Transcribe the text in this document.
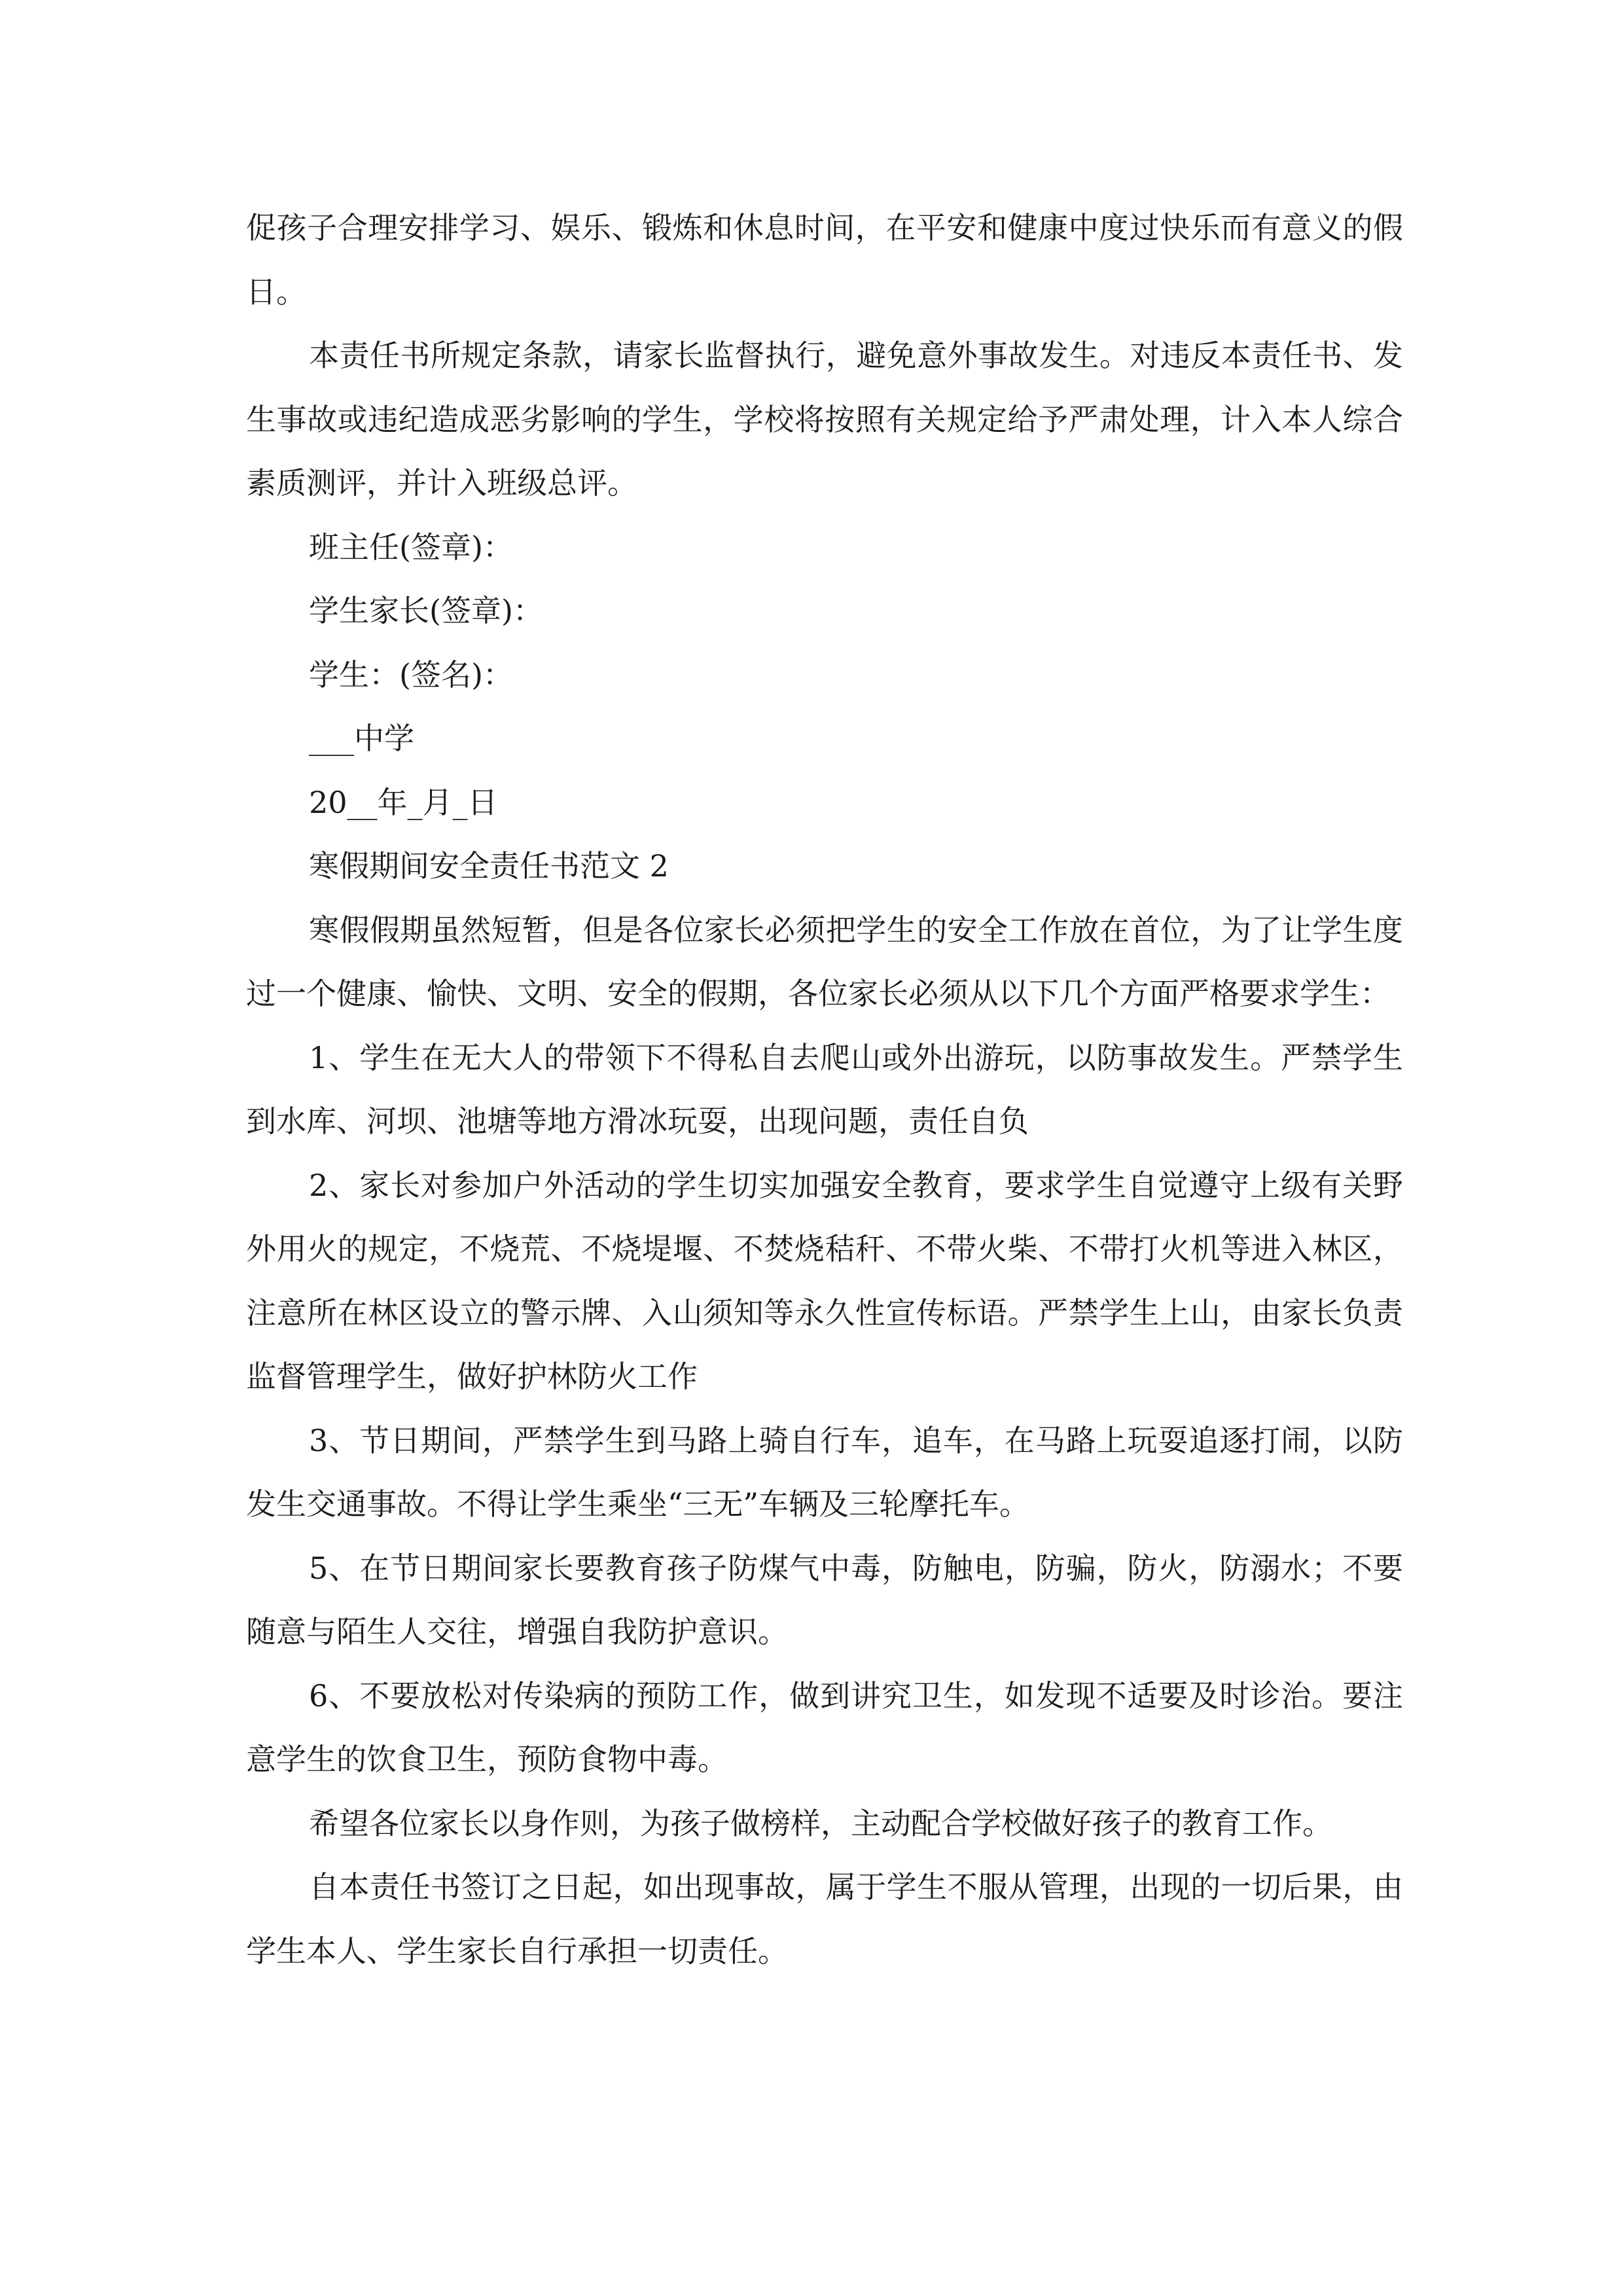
促孩子合理安排学习、娱乐、锻炼和休息时间，在平安和健康中度过快乐而有意义的假日。

本责任书所规定条款，请家长监督执行，避免意外事故发生。对违反本责任书、发生事故或违纪造成恶劣影响的学生，学校将按照有关规定给予严肃处理，计入本人综合素质测评，并计入班级总评。

班主任(签章)：

学生家长(签章)：

学生：(签名)：

___中学

20__年_月_日

寒假期间安全责任书范文 2

寒假假期虽然短暂，但是各位家长必须把学生的安全工作放在首位，为了让学生度过一个健康、愉快、文明、安全的假期，各位家长必须从以下几个方面严格要求学生：

1、学生在无大人的带领下不得私自去爬山或外出游玩，以防事故发生。严禁学生到水库、河坝、池塘等地方滑冰玩耍，出现问题，责任自负

2、家长对参加户外活动的学生切实加强安全教育，要求学生自觉遵守上级有关野外用火的规定，不烧荒、不烧堤堰、不焚烧秸秆、不带火柴、不带打火机等进入林区，注意所在林区设立的警示牌、入山须知等永久性宣传标语。严禁学生上山，由家长负责监督管理学生，做好护林防火工作

3、节日期间，严禁学生到马路上骑自行车，追车，在马路上玩耍追逐打闹，以防发生交通事故。不得让学生乘坐“三无”车辆及三轮摩托车。

5、在节日期间家长要教育孩子防煤气中毒，防触电，防骗，防火，防溺水；不要随意与陌生人交往，增强自我防护意识。

6、不要放松对传染病的预防工作，做到讲究卫生，如发现不适要及时诊治。要注意学生的饮食卫生，预防食物中毒。

希望各位家长以身作则，为孩子做榜样，主动配合学校做好孩子的教育工作。

自本责任书签订之日起，如出现事故，属于学生不服从管理，出现的一切后果，由学生本人、学生家长自行承担一切责任。
